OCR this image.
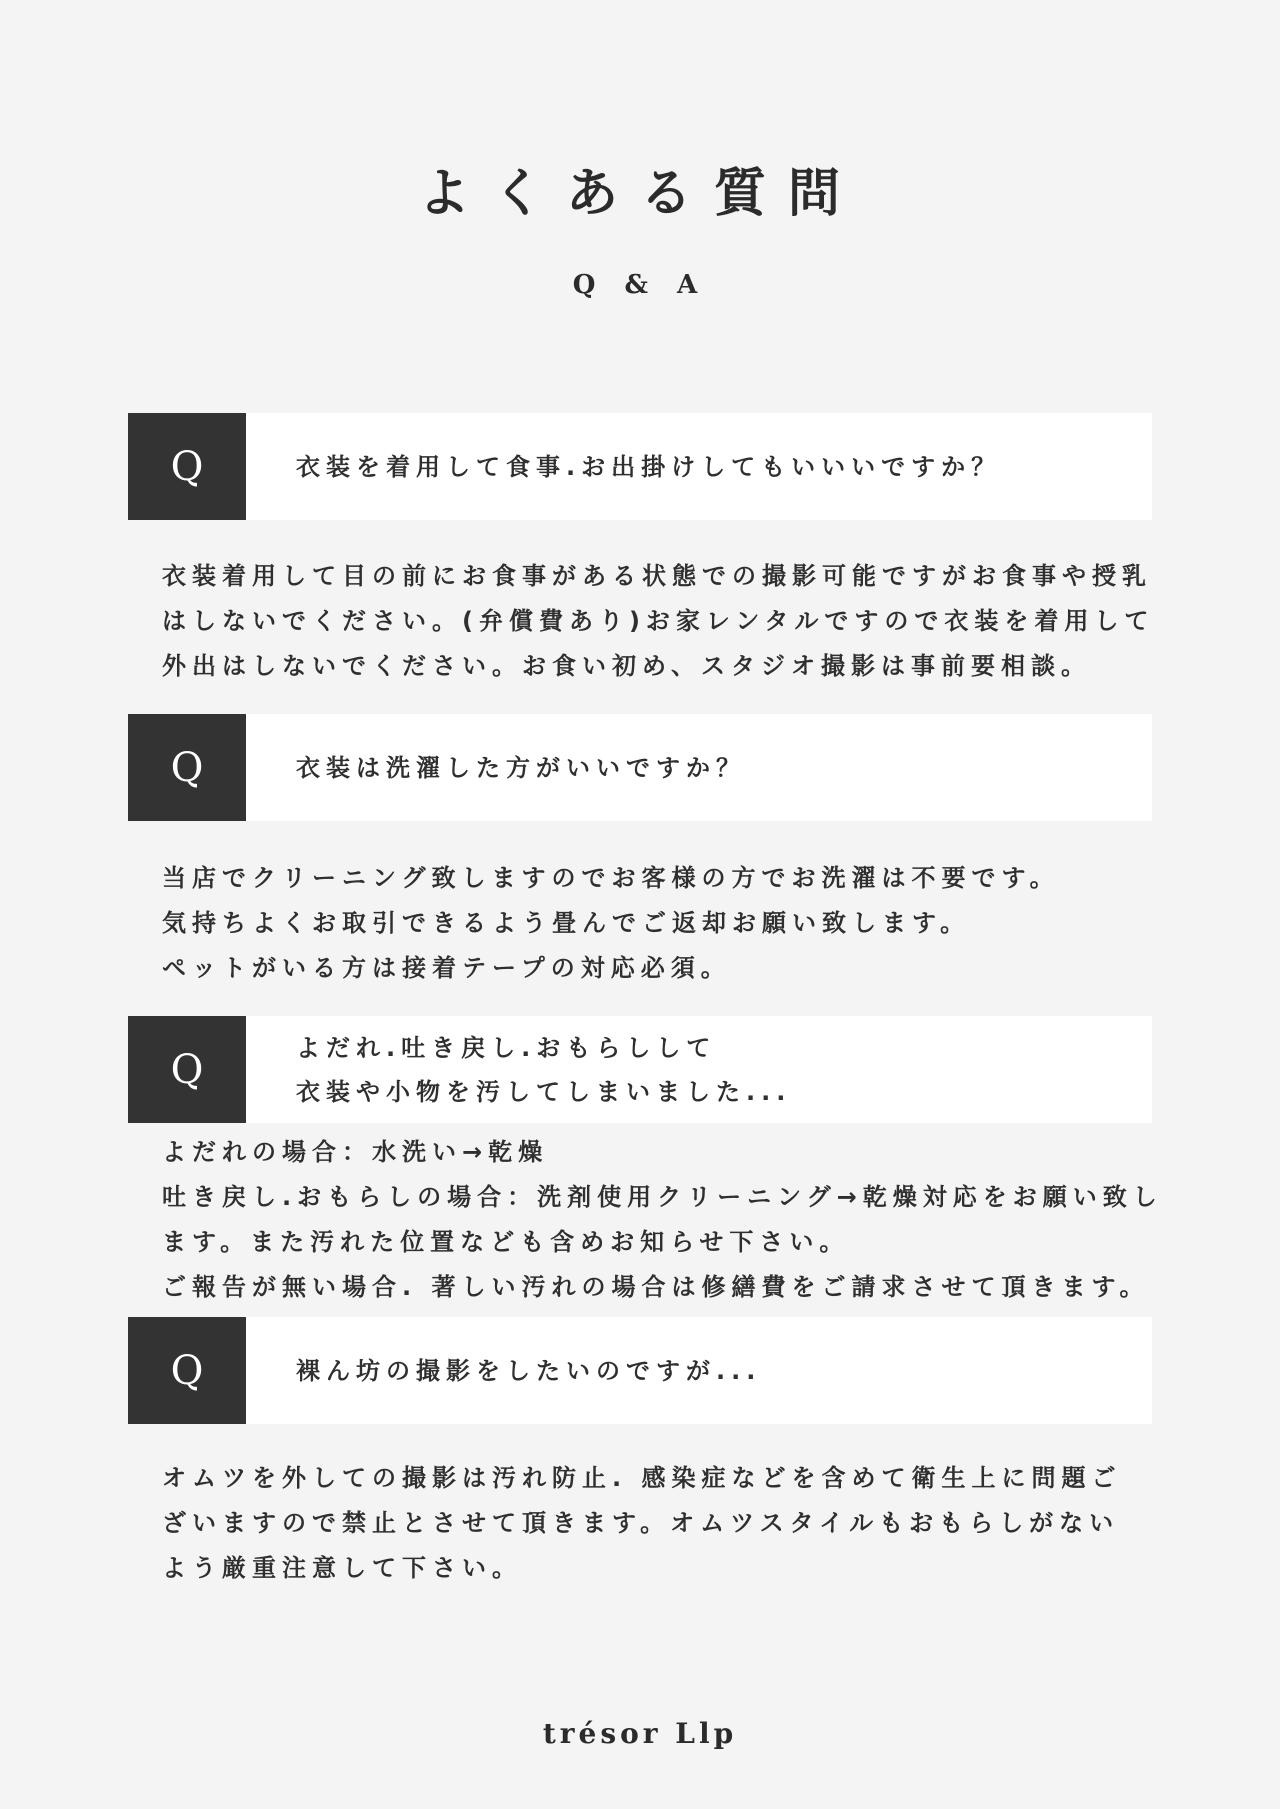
よくある質問
Q & A
Q	衣装を着用して食事.お出掛けしてもいいいですか？
衣装着用して目の前にお食事がある状態での撮影可能ですがお食事や授乳
はしないでください。(弁償費あり)お家レンタルですので衣装を着用して
外出はしないでください。お食い初め、スタジオ撮影は事前要相談。
Q	衣装は洗濯した方がいいですか？
当店でクリーニング致しますのでお客様の方でお洗濯は不要です。
気持ちよくお取引できるよう畳んでご返却お願い致します。
ペットがいる方は接着テープの対応必須。
Q	よだれ.吐き戻し.おもらしして
衣装や小物を汚してしまいました...
よだれの場合：水洗い→乾燥
吐き戻し.おもらしの場合：洗剤使用クリーニング→乾燥対応をお願い致し
ます。また汚れた位置なども含めお知らせ下さい。
ご報告が無い場合. 著しい汚れの場合は修繕費をご請求させて頂きます。
Q	裸ん坊の撮影をしたいのですが...
オムツを外しての撮影は汚れ防止. 感染症などを含めて衛生上に問題ご
ざいますので禁止とさせて頂きます。オムツスタイルもおもらしがない
よう厳重注意して下さい。
trésor Llp
